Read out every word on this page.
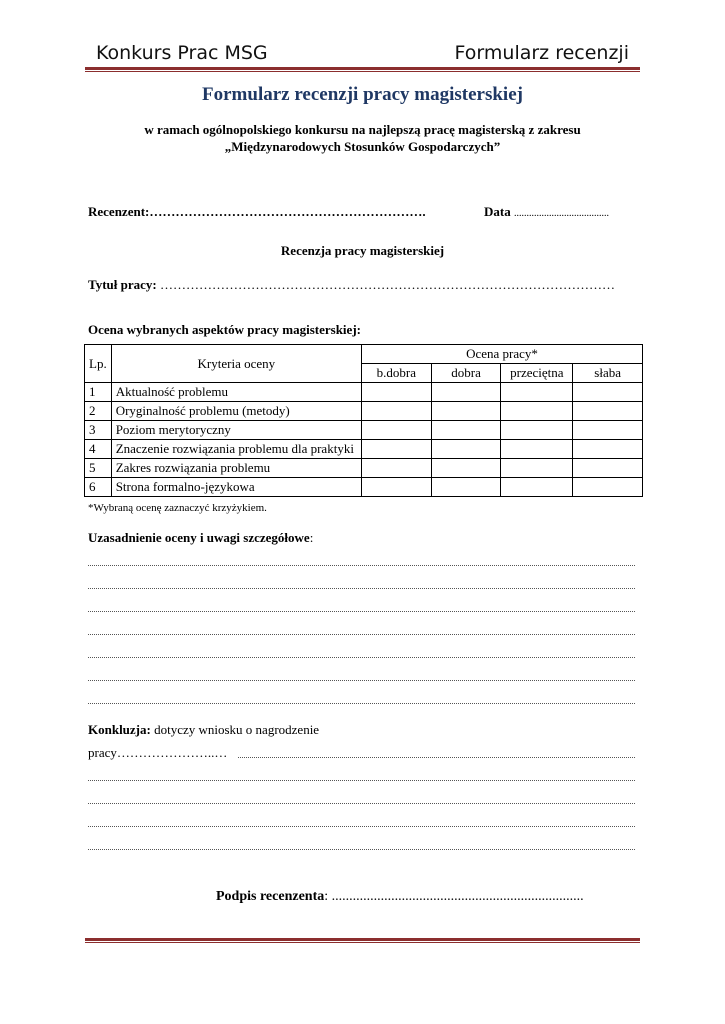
Konkurs Prac MSG	Formularz recenzji
Formularz recenzji pracy magisterskiej
w ramach ogólnopolskiego konkursu na najlepszą pracę magisterską z zakresu
„Międzynarodowych Stosunków Gospodarczych”
Recenzent:……………………………………………………….	Data ......................................
Recenzja pracy magisterskiej
Tytuł pracy: ……………………………………………………………………………………………
Ocena wybranych aspektów pracy magisterskiej:
Lp.	Kryteria oceny	Ocena pracy*			
		b.dobra	dobra	przeciętna	słaba
1	Aktualność problemu				
2	Oryginalność problemu (metody)				
3	Poziom merytoryczny				
4	Znaczenie rozwiązania problemu dla praktyki				
5	Zakres rozwiązania problemu				
6	Strona formalno-językowa				
*Wybraną ocenę zaznaczyć krzyżykiem.
Uzasadnienie oceny i uwagi szczegółowe:
Konkluzja: dotyczy wniosku o nagrodzenie
pracy…………………..…
Podpis recenzenta: ........................................................................
